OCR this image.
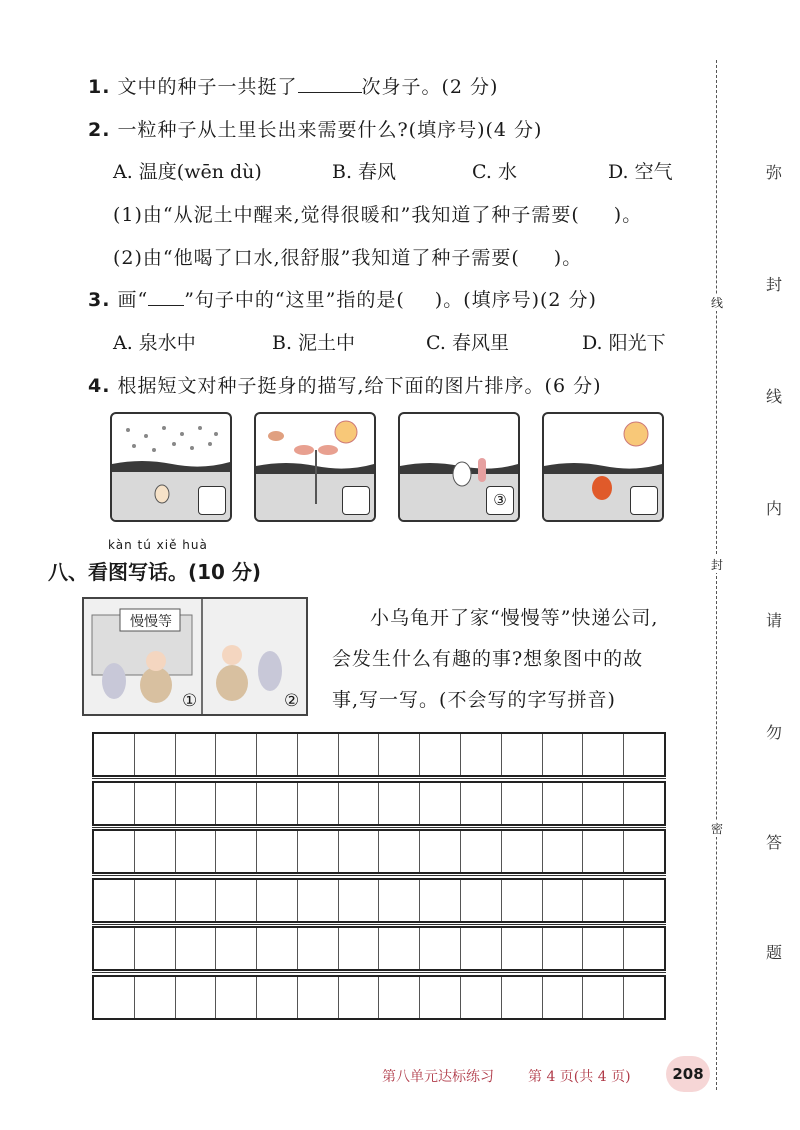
1. 文中的种子一共挺了	次身子。(2 分)
2. 一粒种子从土里长出来需要什么?(填序号)(4 分)
A. 温度(wēn dù)	B. 春风	C. 水	D. 空气
(1)由“从泥土中醒来,觉得很暖和”我知道了种子需要( )。
(2)由“他喝了口水,很舒服”我知道了种子需要( )。
3. 画“ ”句子中的“这里”指的是( )。(填序号)(2 分)
A. 泉水中	B. 泥土中	C. 春风里	D. 阳光下
4. 根据短文对种子挺身的描写,给下面的图片排序。(6 分)
③
kàn tú xiě huà
八、看图写话。(10 分)
慢慢等
①	②
小乌龟开了家“慢慢等”快递公司,
会发生什么有趣的事?想象图中的故
事,写一写。(不会写的字写拼音)
线
封
密
弥
封
线
内
请
勿
答
题
第八单元达标练习 第 4 页(共 4 页)	208
